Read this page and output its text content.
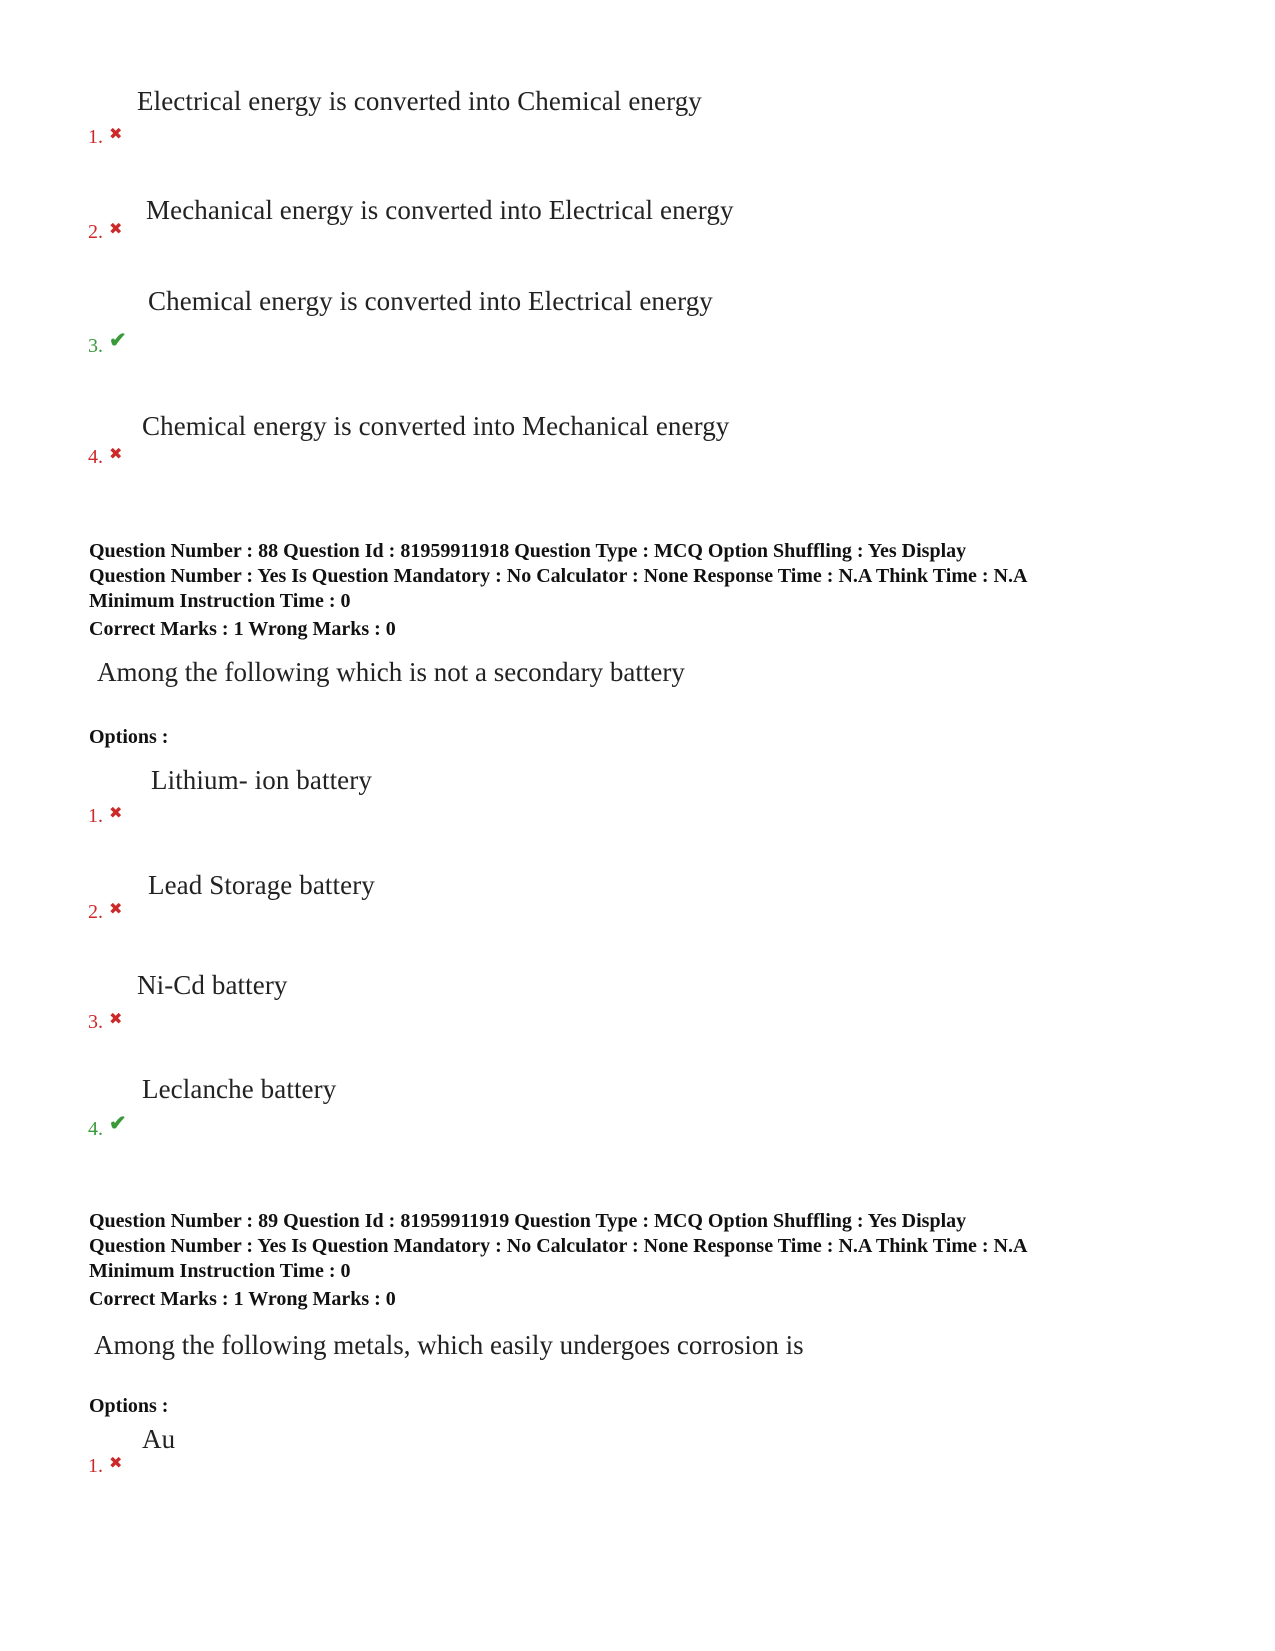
Electrical energy is converted into Chemical energy
1. ✖
Mechanical energy is converted into Electrical energy
2. ✖
Chemical energy is converted into Electrical energy
3. ✔
Chemical energy is converted into Mechanical energy
4. ✖
Question Number : 88 Question Id : 81959911918 Question Type : MCQ Option Shuffling : Yes Display
Question Number : Yes Is Question Mandatory : No Calculator : None Response Time : N.A Think Time : N.A
Minimum Instruction Time : 0
Correct Marks : 1 Wrong Marks : 0
Among the following which is not a secondary battery
Options :
Lithium- ion battery
1. ✖
Lead Storage battery
2. ✖
Ni-Cd battery
3. ✖
Leclanche battery
4. ✔
Question Number : 89 Question Id : 81959911919 Question Type : MCQ Option Shuffling : Yes Display
Question Number : Yes Is Question Mandatory : No Calculator : None Response Time : N.A Think Time : N.A
Minimum Instruction Time : 0
Correct Marks : 1 Wrong Marks : 0
Among the following metals, which easily undergoes corrosion is
Options :
Au
1. ✖
